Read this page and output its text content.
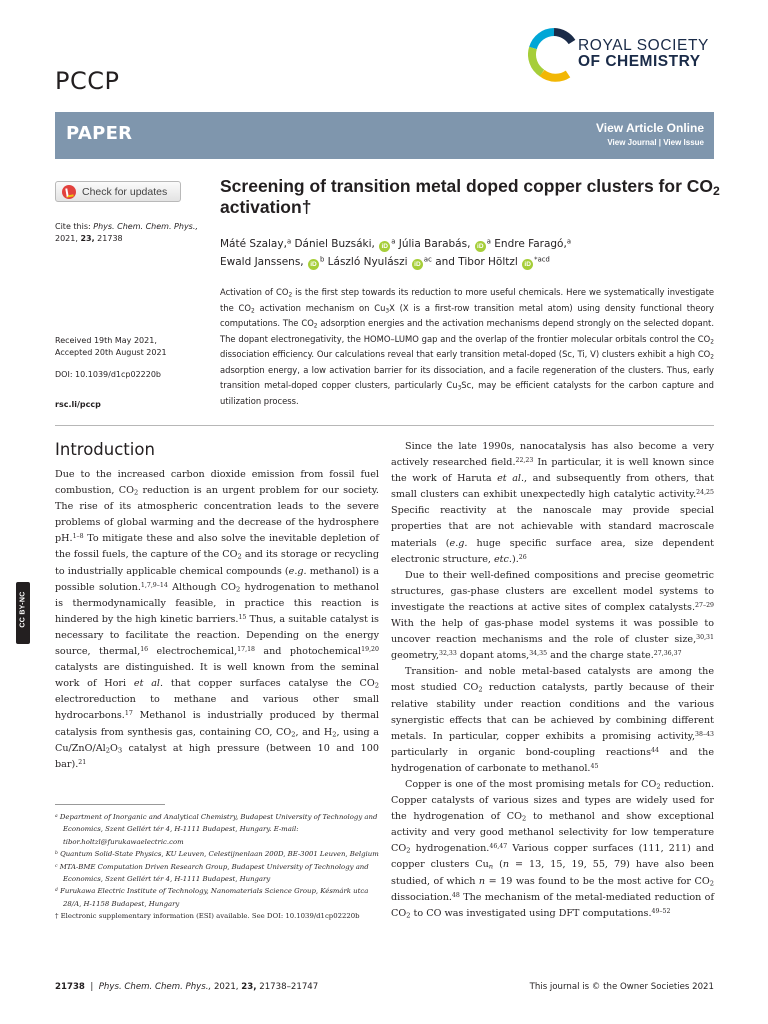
PCCP
ROYAL SOCIETY
OF CHEMISTRY
PAPER	View Article Online
View Journal | View Issue
Check for updates
Cite this: Phys. Chem. Chem. Phys.,
2021, 23, 21738
Received 19th May 2021,
Accepted 20th August 2021
DOI: 10.1039/d1cp02220b
rsc.li/pccp
Screening of transition metal doped copper clusters for $CO_2$ activation†
Máté Szalay,$^a$ Dániel Buzsáki, $iD^a$ Júlia Barabás, $iD^a$ Endre Faragó,$^a$
Ewald Janssens, $iD^b$ László Nyulászi $iD^{ac}$ and Tibor Höltzl $iD^{*acd}$

Activation of $CO_2$ is the first step towards its reduction to more useful chemicals. Here we systematically investigate the $CO_2$ activation mechanism on $Cu_3X$ (X is a first-row transition metal atom) using density functional theory computations. The $CO_2$ adsorption energies and the activation mechanisms depend strongly on the selected dopant. The dopant electronegativity, the HOMO–LUMO gap and the overlap of the frontier molecular orbitals control the $CO_2$ dissociation efficiency. Our calculations reveal that early transition metal-doped (Sc, Ti, V) clusters exhibit a high $CO_2$ adsorption energy, a low activation barrier for its dissociation, and a facile regeneration of the clusters. Thus, early transition metal-doped copper clusters, particularly $Cu_3Sc$, may be efficient catalysts for the carbon capture and utilization process.

Introduction

Due to the increased carbon dioxide emission from fossil fuel combustion, $CO_2$ reduction is an urgent problem for our society. The rise of its atmospheric concentration leads to the severe problems of global warming and the decrease of the hydrosphere pH.$^{1-8}$ To mitigate these and also solve the inevitable depletion of the fossil fuels, the capture of the $CO_2$ and its storage or recycling to industrially applicable chemical compounds (e.g. methanol) is a possible solution.$^{1,7,9-14}$ Although $CO_2$ hydrogenation to methanol is thermodynamically feasible, in practice this reaction is hindered by the high kinetic barriers.$^{15}$ Thus, a suitable catalyst is necessary to facilitate the reaction. Depending on the energy source, thermal,$^{16}$ electrochemical,$^{17,18}$ and photochemical$^{19,20}$ catalysts are distinguished. It is well known from the seminal work of Hori et al. that copper surfaces catalyse the $CO_2$ electroreduction to methane and various other small hydrocarbons.$^{17}$ Methanol is industrially produced by thermal catalysis from synthesis gas, containing CO, $CO_2$, and $H_2$, using a $Cu/ZnO/Al_2O_3$ catalyst at high pressure (between 10 and 100 bar).$^{21}$

$^a$ Department of Inorganic and Analytical Chemistry, Budapest University of Technology and Economics, Szent Gellért tér 4, H-1111 Budapest, Hungary. E-mail: tibor.holtzl@furukawaelectric.com
$^b$ Quantum Solid-State Physics, KU Leuven, Celestijnenlaan 200D, BE-3001 Leuven, Belgium
$^c$ MTA-BME Computation Driven Research Group, Budapest University of Technology and Economics, Szent Gellért tér 4, H-1111 Budapest, Hungary
$^d$ Furukawa Electric Institute of Technology, Nanomaterials Science Group, Késmárk utca 28/A, H-1158 Budapest, Hungary
† Electronic supplementary information (ESI) available. See DOI: 10.1039/d1cp02220b

Since the late 1990s, nanocatalysis has also become a very actively researched field.$^{22,23}$ In particular, it is well known since the work of Haruta et al., and subsequently from others, that small clusters can exhibit unexpectedly high catalytic activity.$^{24,25}$ Specific reactivity at the nanoscale may provide special properties that are not achievable with standard macroscale materials (e.g. huge specific surface area, size dependent electronic structure, etc.).$^{26}$

Due to their well-defined compositions and precise geometric structures, gas-phase clusters are excellent model systems to investigate the reactions at active sites of complex catalysts.$^{27-29}$ With the help of gas-phase model systems it was possible to uncover reaction mechanisms and the role of cluster size,$^{30,31}$ geometry,$^{32,33}$ dopant atoms,$^{34,35}$ and the charge state.$^{27,36,37}$

Transition- and noble metal-based catalysts are among the most studied $CO_2$ reduction catalysts, partly because of their relative stability under reaction conditions and the various synergistic effects that can be achieved by combining different metals. In particular, copper exhibits a promising activity,$^{38-43}$ particularly in organic bond-coupling reactions$^{44}$ and the hydrogenation of carbonate to methanol.$^{45}$

Copper is one of the most promising metals for $CO_2$ reduction. Copper catalysts of various sizes and types are widely used for the hydrogenation of $CO_2$ to methanol and show exceptional activity and very good methanol selectivity for low temperature $CO_2$ hydrogenation.$^{46,47}$ Various copper surfaces (111, 211) and copper clusters $Cu_n$ (n = 13, 15, 19, 55, 79) have also been studied, of which n = 19 was found to be the most active for $CO_2$ dissociation.$^{48}$ The mechanism of the metal-mediated reduction of $CO_2$ to CO was investigated using DFT computations.$^{49-52}$

CC BY-NC
21738 | Phys. Chem. Chem. Phys., 2021, 23, 21738–21747	This journal is © the Owner Societies 2021
